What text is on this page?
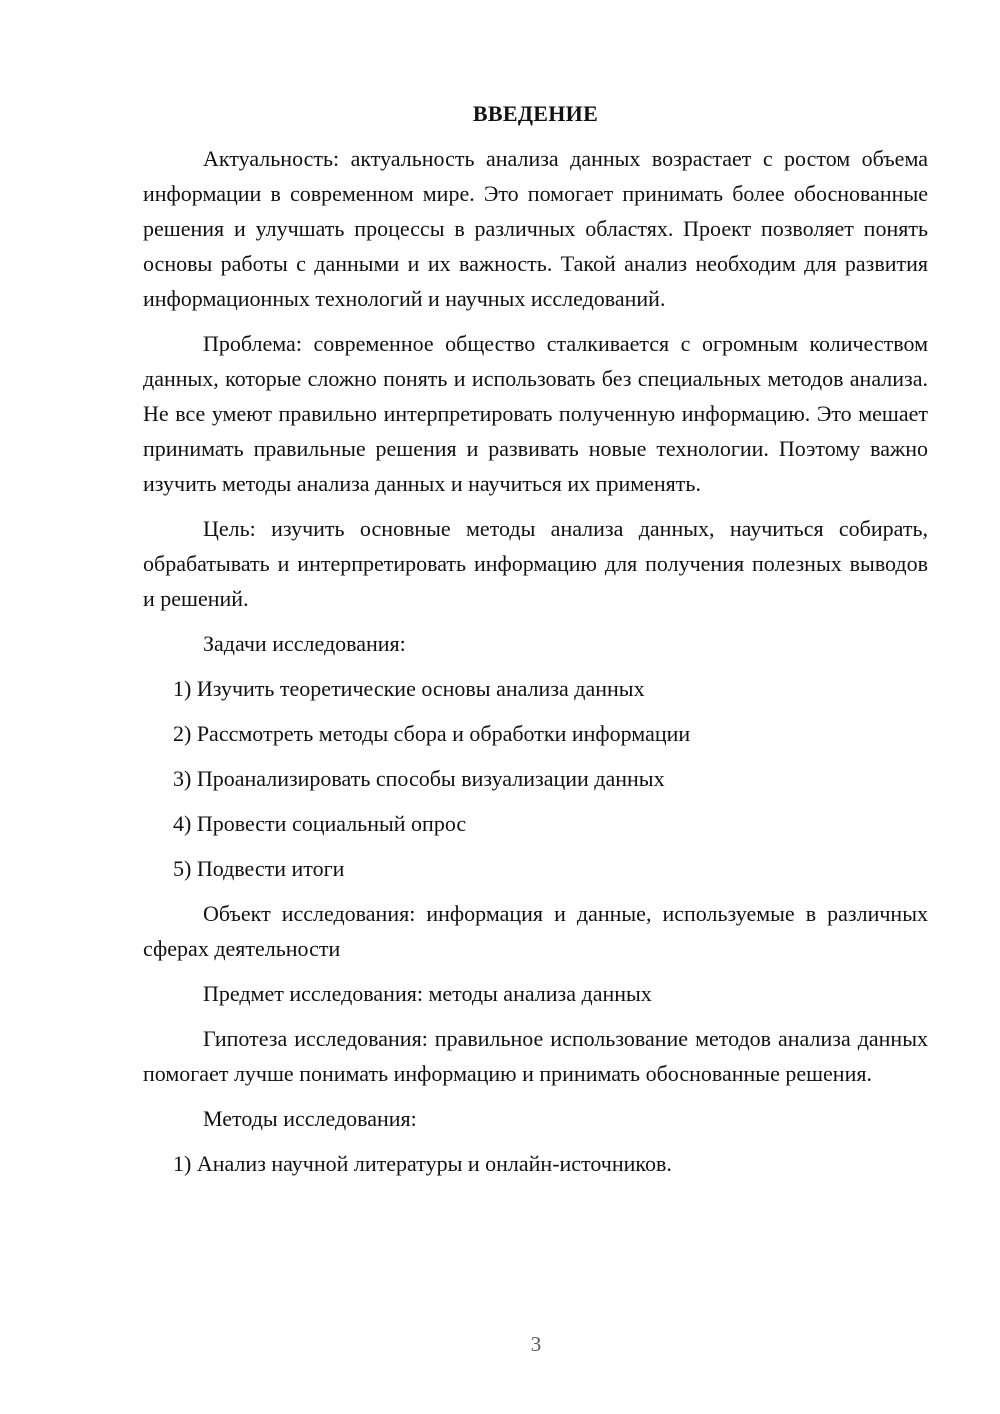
ВВЕДЕНИЕ

Актуальность: актуальность анализа данных возрастает с ростом объема информации в современном мире. Это помогает принимать более обоснованные решения и улучшать процессы в различных областях. Проект позволяет понять основы работы с данными и их важность. Такой анализ необходим для развития информационных технологий и научных исследований.

Проблема: современное общество сталкивается с огромным количеством данных, которые сложно понять и использовать без специальных методов анализа. Не все умеют правильно интерпретировать полученную информацию. Это мешает принимать правильные решения и развивать новые технологии. Поэтому важно изучить методы анализа данных и научиться их применять.

Цель: изучить основные методы анализа данных, научиться собирать, обрабатывать и интерпретировать информацию для получения полезных выводов и решений.

Задачи исследования:

1) Изучить теоретические основы анализа данных

2) Рассмотреть методы сбора и обработки информации

3) Проанализировать способы визуализации данных

4) Провести социальный опрос

5) Подвести итоги

Объект исследования: информация и данные, используемые в различных сферах деятельности

Предмет исследования: методы анализа данных

Гипотеза исследования: правильное использование методов анализа данных помогает лучше понимать информацию и принимать обоснованные решения.

Методы исследования:

1) Анализ научной литературы и онлайн-источников.

3
